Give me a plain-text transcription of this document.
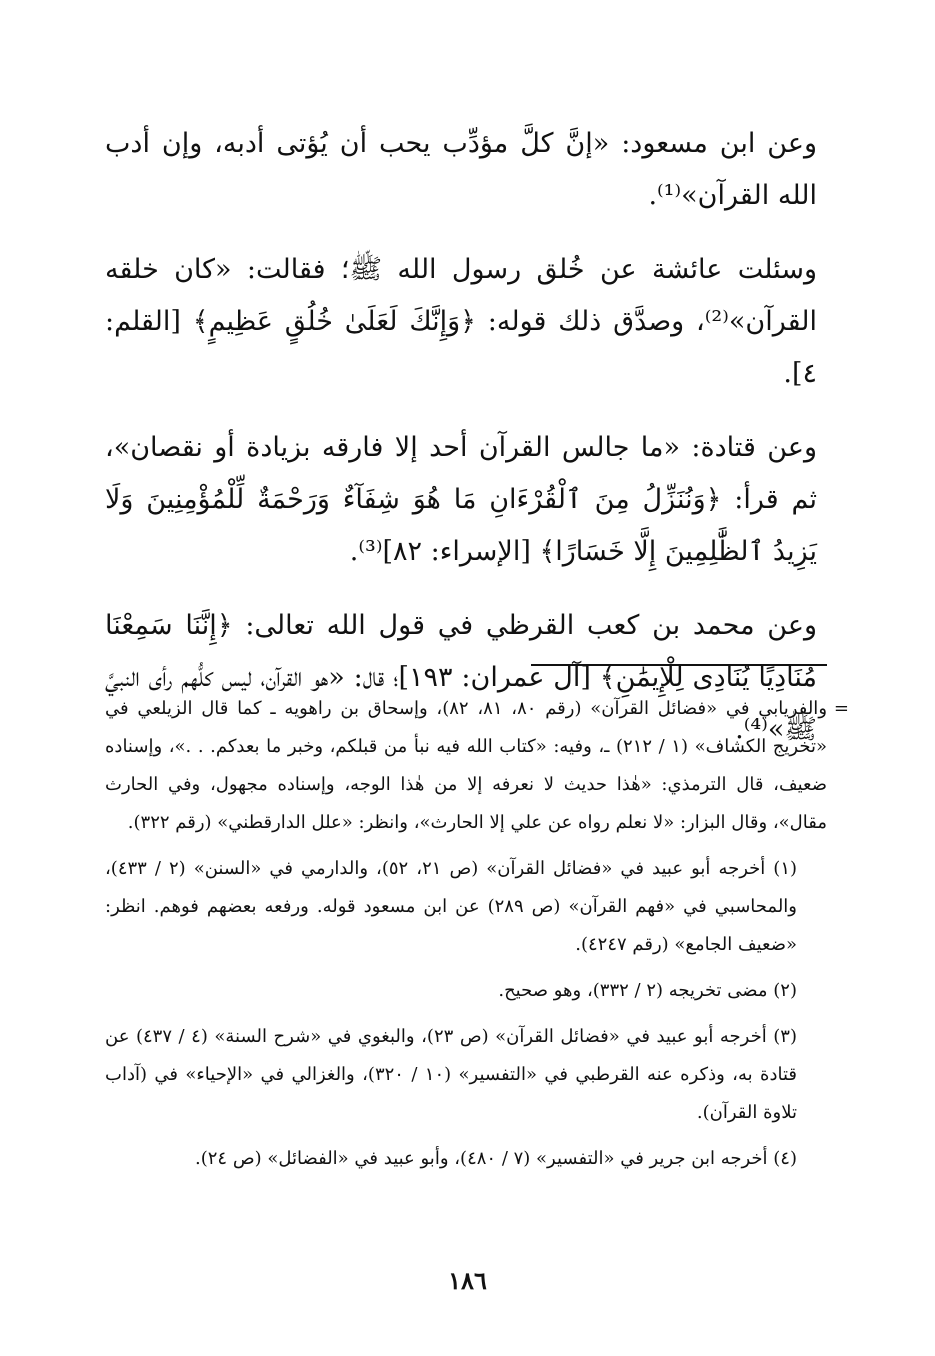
وعن ابن مسعود: «إنَّ كلَّ مؤدِّب يحب أن يُؤتى أدبه، وإن أدب الله القرآن»⁽¹⁾.

وسئلت عائشة عن خُلق رسول الله ﷺ؛ فقالت: «كان خلقه القرآن»⁽²⁾، وصدَّق ذلك قوله: ﴿وَإِنَّكَ لَعَلَىٰ خُلُقٍ عَظِيمٍ﴾ [القلم: ٤].

وعن قتادة: «ما جالس القرآن أحد إلا فارقه بزيادة أو نقصان»، ثم قرأ: ﴿وَنُنَزِّلُ مِنَ ٱلْقُرْءَانِ مَا هُوَ شِفَآءٌ وَرَحْمَةٌ لِّلْمُؤْمِنِينَ وَلَا يَزِيدُ ٱلظَّٰلِمِينَ إِلَّا خَسَارًا﴾ [الإسراء: ٨٢]⁽³⁾.

وعن محمد بن كعب القرظي في قول الله تعالى: ﴿إِنَّنَا سَمِعْنَا مُنَادِيًا يُنَادِى لِلْإِيمَٰنِ﴾ [آل عمران: ١٩٣]؛ قال: «هو القرآن، ليس كلُّهم رأى النبيَّ ﷺ»⁽⁴⁾.

=
والفريابي في «فضائل القرآن» (رقم ٨٠، ٨١، ٨٢)، وإسحاق بن راهويه ـ كما قال الزيلعي في «تخريج الكشاف» (١ / ٢١٢) ـ، وفيه: «كتاب الله فيه نبأ من قبلكم، وخبر ما بعدكم. . .»، وإسناده ضعيف، قال الترمذي: «هٰذا حديث لا نعرفه إلا من هٰذا الوجه، وإسناده مجهول، وفي الحارث مقال»، وقال البزار: «لا نعلم رواه عن علي إلا الحارث»، وانظر: «علل الدارقطني» (رقم ٣٢٢).

(١) أخرجه أبو عبيد في «فضائل القرآن» (ص ٢١، ٥٢)، والدارمي في «السنن» (٢ / ٤٣٣)، والمحاسبي في «فهم القرآن» (ص ٢٨٩) عن ابن مسعود قوله. ورفعه بعضهم فوهم. انظر: «ضعيف الجامع» (رقم ٤٢٤٧).

(٢) مضى تخريجه (٢ / ٣٣٢)، وهو صحيح.

(٣) أخرجه أبو عبيد في «فضائل القرآن» (ص ٢٣)، والبغوي في «شرح السنة» (٤ / ٤٣٧) عن قتادة به، وذكره عنه القرطبي في «التفسير» (١٠ / ٣٢٠)، والغزالي في «الإحياء» في (آداب تلاوة القرآن).

(٤) أخرجه ابن جرير في «التفسير» (٧ / ٤٨٠)، وأبو عبيد في «الفضائل» (ص ٢٤).

١٨٦
